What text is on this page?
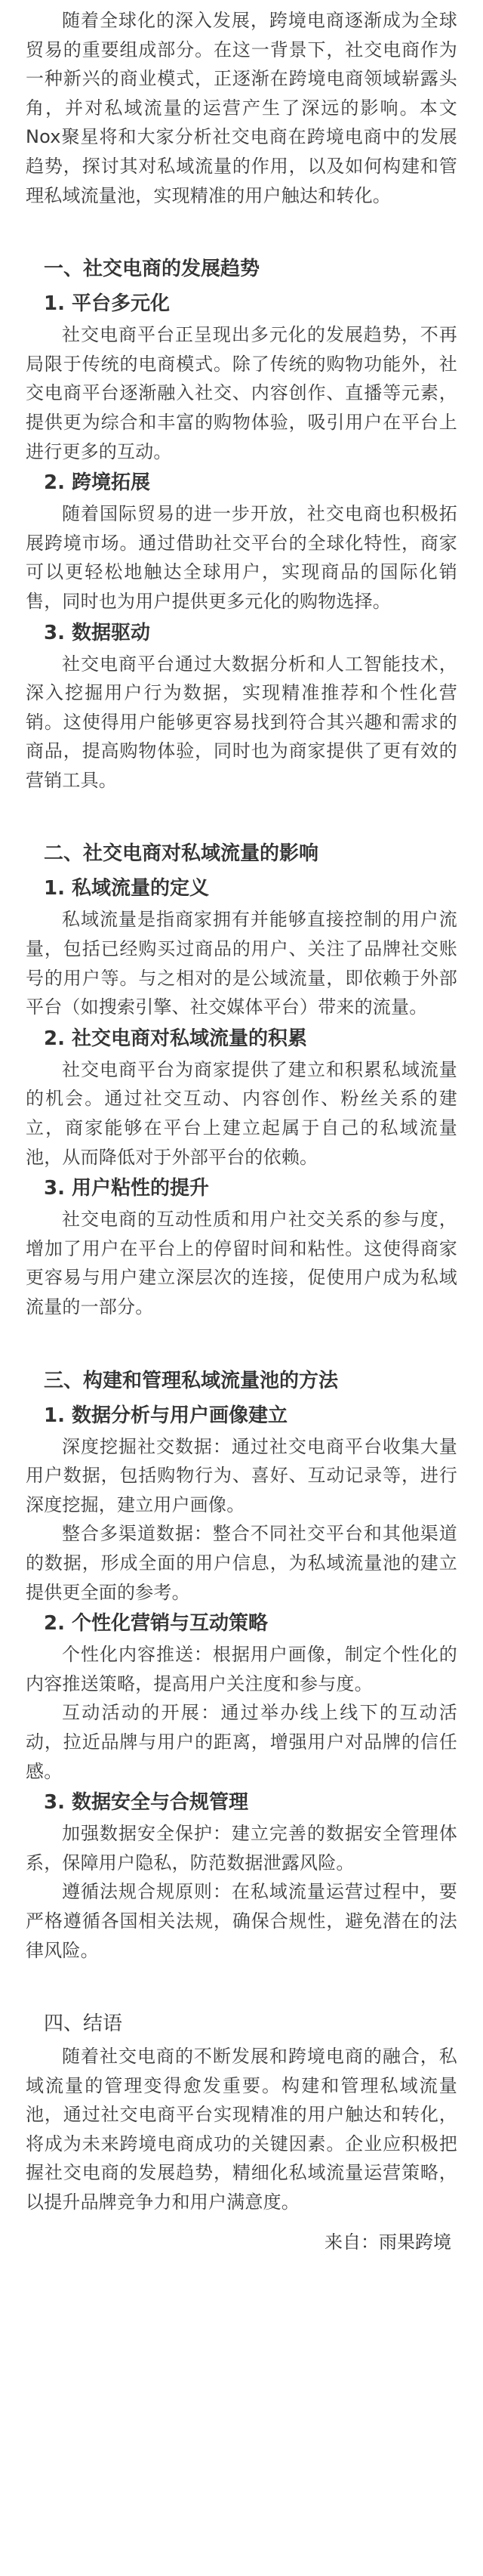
随着全球化的深入发展，跨境电商逐渐成为全球贸易的重要组成部分。在这一背景下，社交电商作为一种新兴的商业模式，正逐渐在跨境电商领域崭露头角，并对私域流量的运营产生了深远的影响。本文Nox聚星将和大家分析社交电商在跨境电商中的发展趋势，探讨其对私域流量的作用，以及如何构建和管理私域流量池，实现精准的用户触达和转化。

一、社交电商的发展趋势
1. 平台多元化

社交电商平台正呈现出多元化的发展趋势，不再局限于传统的电商模式。除了传统的购物功能外，社交电商平台逐渐融入社交、内容创作、直播等元素，提供更为综合和丰富的购物体验，吸引用户在平台上进行更多的互动。

2. 跨境拓展

随着国际贸易的进一步开放，社交电商也积极拓展跨境市场。通过借助社交平台的全球化特性，商家可以更轻松地触达全球用户，实现商品的国际化销售，同时也为用户提供更多元化的购物选择。

3. 数据驱动

社交电商平台通过大数据分析和人工智能技术，深入挖掘用户行为数据，实现精准推荐和个性化营销。这使得用户能够更容易找到符合其兴趣和需求的商品，提高购物体验，同时也为商家提供了更有效的营销工具。

二、社交电商对私域流量的影响
1. 私域流量的定义

私域流量是指商家拥有并能够直接控制的用户流量，包括已经购买过商品的用户、关注了品牌社交账号的用户等。与之相对的是公域流量，即依赖于外部平台（如搜索引擎、社交媒体平台）带来的流量。

2. 社交电商对私域流量的积累

社交电商平台为商家提供了建立和积累私域流量的机会。通过社交互动、内容创作、粉丝关系的建立，商家能够在平台上建立起属于自己的私域流量池，从而降低对于外部平台的依赖。

3. 用户粘性的提升

社交电商的互动性质和用户社交关系的参与度，增加了用户在平台上的停留时间和粘性。这使得商家更容易与用户建立深层次的连接，促使用户成为私域流量的一部分。

三、构建和管理私域流量池的方法
1. 数据分析与用户画像建立

深度挖掘社交数据：通过社交电商平台收集大量用户数据，包括购物行为、喜好、互动记录等，进行深度挖掘，建立用户画像。

整合多渠道数据：整合不同社交平台和其他渠道的数据，形成全面的用户信息，为私域流量池的建立提供更全面的参考。

2. 个性化营销与互动策略

个性化内容推送：根据用户画像，制定个性化的内容推送策略，提高用户关注度和参与度。

互动活动的开展：通过举办线上线下的互动活动，拉近品牌与用户的距离，增强用户对品牌的信任感。

3. 数据安全与合规管理

加强数据安全保护：建立完善的数据安全管理体系，保障用户隐私，防范数据泄露风险。

遵循法规合规原则：在私域流量运营过程中，要严格遵循各国相关法规，确保合规性，避免潜在的法律风险。

四、结语

随着社交电商的不断发展和跨境电商的融合，私域流量的管理变得愈发重要。构建和管理私域流量池，通过社交电商平台实现精准的用户触达和转化，将成为未来跨境电商成功的关键因素。企业应积极把握社交电商的发展趋势，精细化私域流量运营策略，以提升品牌竞争力和用户满意度。

来自：雨果跨境
